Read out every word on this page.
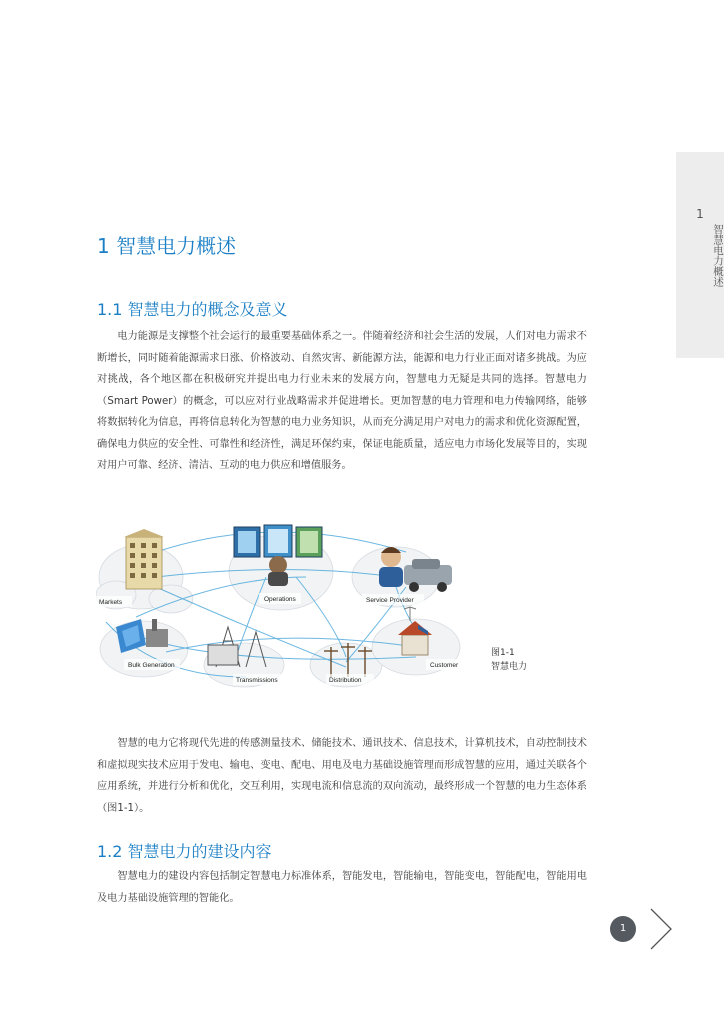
1
智慧电力概述
1 智慧电力概述
1.1 智慧电力的概念及意义

电力能源是支撑整个社会运行的最重要基础体系之一。伴随着经济和社会生活的发展，人们对电力需求不断增长，同时随着能源需求日涨、价格波动、自然灾害、新能源方法，能源和电力行业正面对诸多挑战。为应对挑战，各个地区都在积极研究并提出电力行业未来的发展方向，智慧电力无疑是共同的选择。智慧电力（Smart Power）的概念，可以应对行业战略需求并促进增长。更加智慧的电力管理和电力传输网络，能够将数据转化为信息，再将信息转化为智慧的电力业务知识，从而充分满足用户对电力的需求和优化资源配置，确保电力供应的安全性、可靠性和经济性，满足环保约束，保证电能质量，适应电力市场化发展等目的，实现对用户可靠、经济、清洁、互动的电力供应和增值服务。

Markets	Operations	Service Provider
Bulk Generation
Transmissions	Distribution
Customer
图1-1
智慧电力

智慧的电力它将现代先进的传感测量技术、储能技术、通讯技术、信息技术，计算机技术，自动控制技术和虚拟现实技术应用于发电、输电、变电、配电、用电及电力基础设施管理而形成智慧的应用，通过关联各个应用系统，并进行分析和优化，交互利用，实现电流和信息流的双向流动，最终形成一个智慧的电力生态体系（图1-1）。

1.2 智慧电力的建设内容

智慧电力的建设内容包括制定智慧电力标准体系，智能发电，智能输电，智能变电，智能配电，智能用电及电力基础设施管理的智能化。

1
